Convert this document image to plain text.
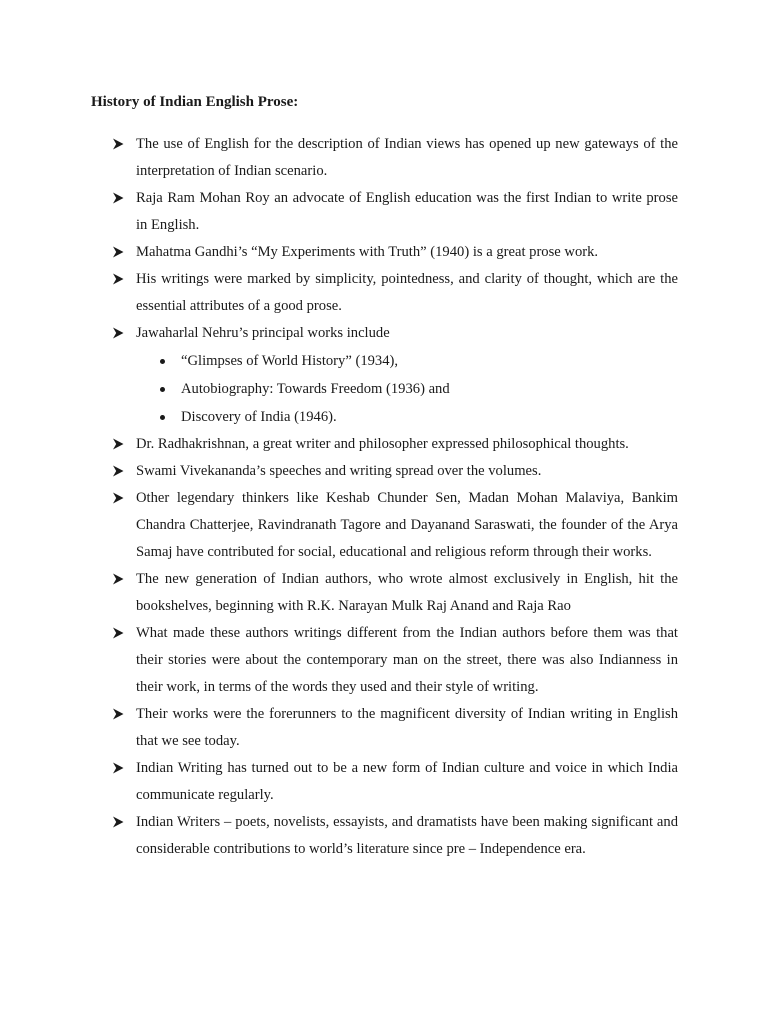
History of Indian English Prose:
The use of English for the description of Indian views has opened up new gateways of the interpretation of Indian scenario.
Raja Ram Mohan Roy an advocate of English education was the first Indian to write prose in English.
Mahatma Gandhi’s “My Experiments with Truth” (1940) is a great prose work.
His writings were marked by simplicity, pointedness, and clarity of thought, which are the essential attributes of a good prose.
Jawaharlal Nehru’s principal works include
“Glimpses of World History” (1934),
Autobiography: Towards Freedom (1936) and
Discovery of India (1946).
Dr. Radhakrishnan, a great writer and philosopher expressed philosophical thoughts.
Swami Vivekananda’s speeches and writing spread over the volumes.
Other legendary thinkers like Keshab Chunder Sen, Madan Mohan Malaviya, Bankim Chandra Chatterjee, Ravindranath Tagore and Dayanand Saraswati, the founder of the Arya Samaj have contributed for social, educational and religious reform through their works.
The new generation of Indian authors, who wrote almost exclusively in English, hit the bookshelves, beginning with R.K. Narayan Mulk Raj Anand and Raja Rao
What made these authors writings different from the Indian authors before them was that their stories were about the contemporary man on the street, there was also Indianness in their work, in terms of the words they used and their style of writing.
Their works were the forerunners to the magnificent diversity of Indian writing in English that we see today.
Indian Writing has turned out to be a new form of Indian culture and voice in which India communicate regularly.
Indian Writers – poets, novelists, essayists, and dramatists have been making significant and considerable contributions to world’s literature since pre – Independence era.
